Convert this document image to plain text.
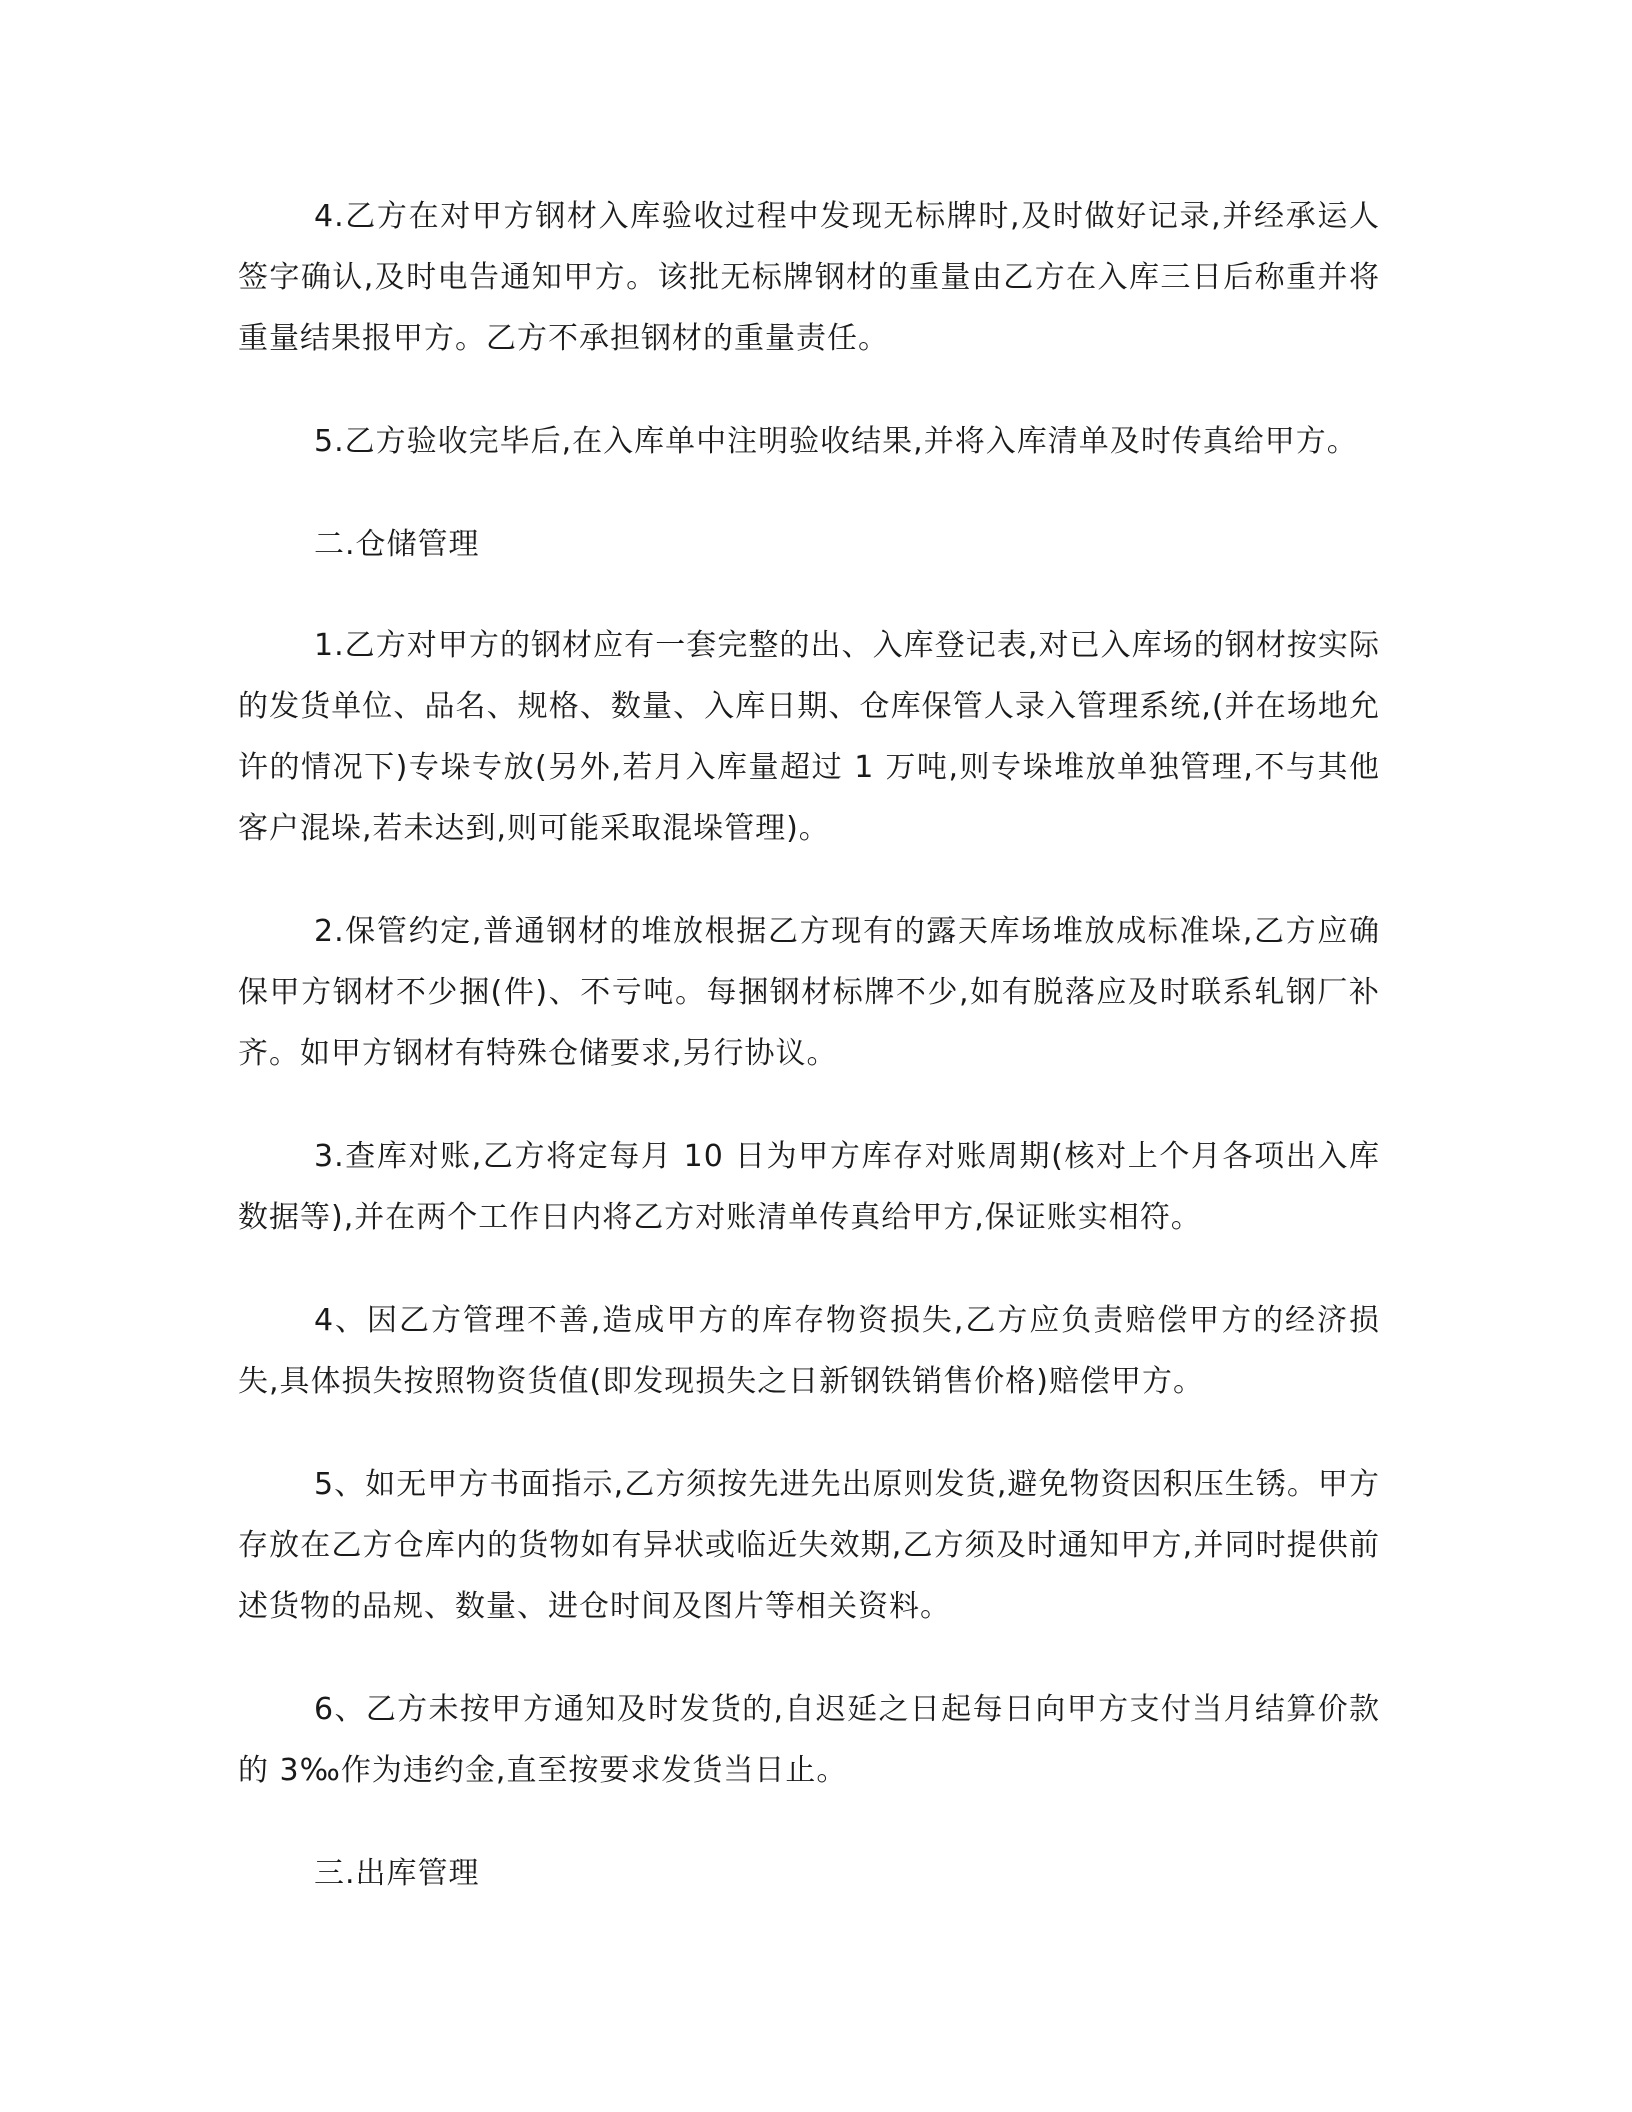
4.乙方在对甲方钢材入库验收过程中发现无标牌时,及时做好记录,并经承运人签字确认,及时电告通知甲方。该批无标牌钢材的重量由乙方在入库三日后称重并将重量结果报甲方。乙方不承担钢材的重量责任。

5.乙方验收完毕后,在入库单中注明验收结果,并将入库清单及时传真给甲方。

二.仓储管理

1.乙方对甲方的钢材应有一套完整的出、入库登记表,对已入库场的钢材按实际的发货单位、品名、规格、数量、入库日期、仓库保管人录入管理系统,(并在场地允许的情况下)专垛专放(另外,若月入库量超过 1 万吨,则专垛堆放单独管理,不与其他客户混垛,若未达到,则可能采取混垛管理)。

2.保管约定,普通钢材的堆放根据乙方现有的露天库场堆放成标准垛,乙方应确保甲方钢材不少捆(件)、不亏吨。每捆钢材标牌不少,如有脱落应及时联系轧钢厂补齐。如甲方钢材有特殊仓储要求,另行协议。

3.查库对账,乙方将定每月 10 日为甲方库存对账周期(核对上个月各项出入库数据等),并在两个工作日内将乙方对账清单传真给甲方,保证账实相符。

4、因乙方管理不善,造成甲方的库存物资损失,乙方应负责赔偿甲方的经济损失,具体损失按照物资货值(即发现损失之日新钢铁销售价格)赔偿甲方。

5、如无甲方书面指示,乙方须按先进先出原则发货,避免物资因积压生锈。甲方存放在乙方仓库内的货物如有异状或临近失效期,乙方须及时通知甲方,并同时提供前述货物的品规、数量、进仓时间及图片等相关资料。

6、乙方未按甲方通知及时发货的,自迟延之日起每日向甲方支付当月结算价款的 3‰作为违约金,直至按要求发货当日止。

三.出库管理
